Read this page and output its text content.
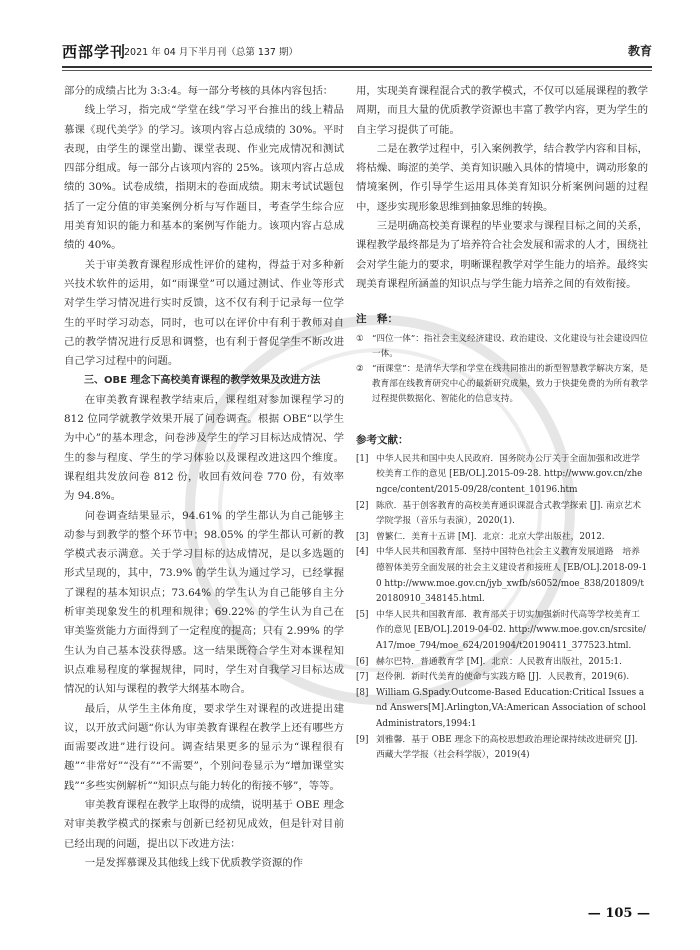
西部学刊
2021 年 04 月下半月刊（总第 137 期）	教育

部分的成绩占比为 3:3:4。每一部分考核的具体内容包括：

线上学习，指完成“学堂在线”学习平台推出的线上精品慕课《现代美学》的学习。该项内容占总成绩的 30%。平时表现，由学生的课堂出勤、课堂表现、作业完成情况和测试四部分组成。每一部分占该项内容的 25%。该项内容占总成绩的 30%。试卷成绩，指期末的卷面成绩。期末考试试题包括了一定分值的审美案例分析与写作题目，考查学生综合应用美育知识的能力和基本的案例写作能力。该项内容占总成绩的 40%。

关于审美教育课程形成性评价的建构，得益于对多种新兴技术软件的运用，如“雨课堂”可以通过测试、作业等形式对学生学习情况进行实时反馈，这不仅有利于记录每一位学生的平时学习动态，同时，也可以在评价中有利于教师对自己的教学情况进行反思和调整，也有利于督促学生不断改进自己学习过程中的问题。

三、OBE 理念下高校美育课程的教学效果及改进方法

在审美教育课程教学结束后，课程组对参加课程学习的 812 位同学就教学效果开展了问卷调查。根据 OBE“以学生为中心”的基本理念，问卷涉及学生的学习目标达成情况、学生的参与程度、学生的学习体验以及课程改进这四个维度。课程组共发放问卷 812 份，收回有效问卷 770 份，有效率为 94.8%。

问卷调查结果显示，94.61% 的学生都认为自己能够主动参与到教学的整个环节中；98.05% 的学生都认可新的教学模式表示满意。关于学习目标的达成情况，是以多选题的形式呈现的，其中，73.9% 的学生认为通过学习，已经掌握了课程的基本知识点；73.64% 的学生认为自己能够自主分析审美现象发生的机理和规律；69.22% 的学生认为自己在审美鉴赏能力方面得到了一定程度的提高；只有 2.99% 的学生认为自己基本没获得感。这一结果既符合学生对本课程知识点难易程度的掌握规律，同时，学生对自我学习目标达成情况的认知与课程的教学大纲基本吻合。

最后，从学生主体角度，要求学生对课程的改进提出建议，以开放式问题“你认为审美教育课程在教学上还有哪些方面需要改进”进行设问。调查结果更多的显示为“课程很有趣”“非常好”“没有”“不需要”，个别问卷显示为“增加课堂实践”“多些实例解析”“知识点与能力转化的衔接不够”，等等。

审美教育课程在教学上取得的成绩，说明基于 OBE 理念对审美教学模式的探索与创新已经初见成效，但是针对目前已经出现的问题，提出以下改进方法：

一是发挥慕课及其他线上线下优质教学资源的作

用，实现美育课程混合式的教学模式，不仅可以延展课程的教学周期，而且大量的优质教学资源也丰富了教学内容，更为学生的自主学习提供了可能。

二是在教学过程中，引入案例教学，结合教学内容和目标，将枯燥、晦涩的美学、美育知识融入具体的情境中，调动形象的情境案例，作引导学生运用具体美育知识分析案例问题的过程中，逐步实现形象思维到抽象思维的转换。

三是明确高校美育课程的毕业要求与课程目标之间的关系，课程教学最终都是为了培养符合社会发展和需求的人才，围绕社会对学生能力的要求，明晰课程教学对学生能力的培养。最终实现美育课程所涵盖的知识点与学生能力培养之间的有效衔接。

注　释：
① “四位一体”：指社会主义经济建设、政治建设、文化建设与社会建设四位一体。
② “雨课堂”：是清华大学和学堂在线共同推出的新型智慧教学解决方案，是教育部在线教育研究中心的最新研究成果，致力于快捷免费的为所有教学过程提供数据化、智能化的信息支持。
参考文献：
[1] 中华人民共和国中央人民政府．国务院办公厅关于全面加强和改进学校美育工作的意见 [EB/OL].2015-09-28. http://www.gov.cn/zhengce/content/2015-09/28/content_10196.htm
[2] 陈欣．基于创客教育的高校美育通识课混合式教学探索 [J]. 南京艺术学院学报（音乐与表演），2020(1).
[3] 曾繁仁．美育十五讲 [M]．北京：北京大学出版社，2012.
[4] 中华人民共和国教育部．坚持中国特色社会主义教育发展道路　培养德智体美劳全面发展的社会主义建设者和接班人 [EB/OL].2018-09-10 http://www.moe.gov.cn/jyb_xwfb/s6052/moe_838/201809/t20180910_348145.html.
[5] 中华人民共和国教育部．教育部关于切实加强新时代高等学校美育工作的意见 [EB/OL].2019-04-02. http://www.moe.gov.cn/srcsite/A17/moe_794/moe_624/201904/t20190411_377523.html.
[6] 赫尔巴特．普通教育学 [M]．北京：人民教育出版社，2015:1.
[7] 赵伶俐．新时代美育的使命与实践方略 [J]．人民教育，2019(6).
[8] William G.Spady.Outcome-Based Education:Critical Issues and Answers[M].Arlington,VA:American Association of school Administrators,1994:1
[9] 刘雅馨．基于 OBE 理念下的高校思想政治理论课持续改进研究 [J]．西藏大学学报（社会科学版），2019(4)
— 105 —
